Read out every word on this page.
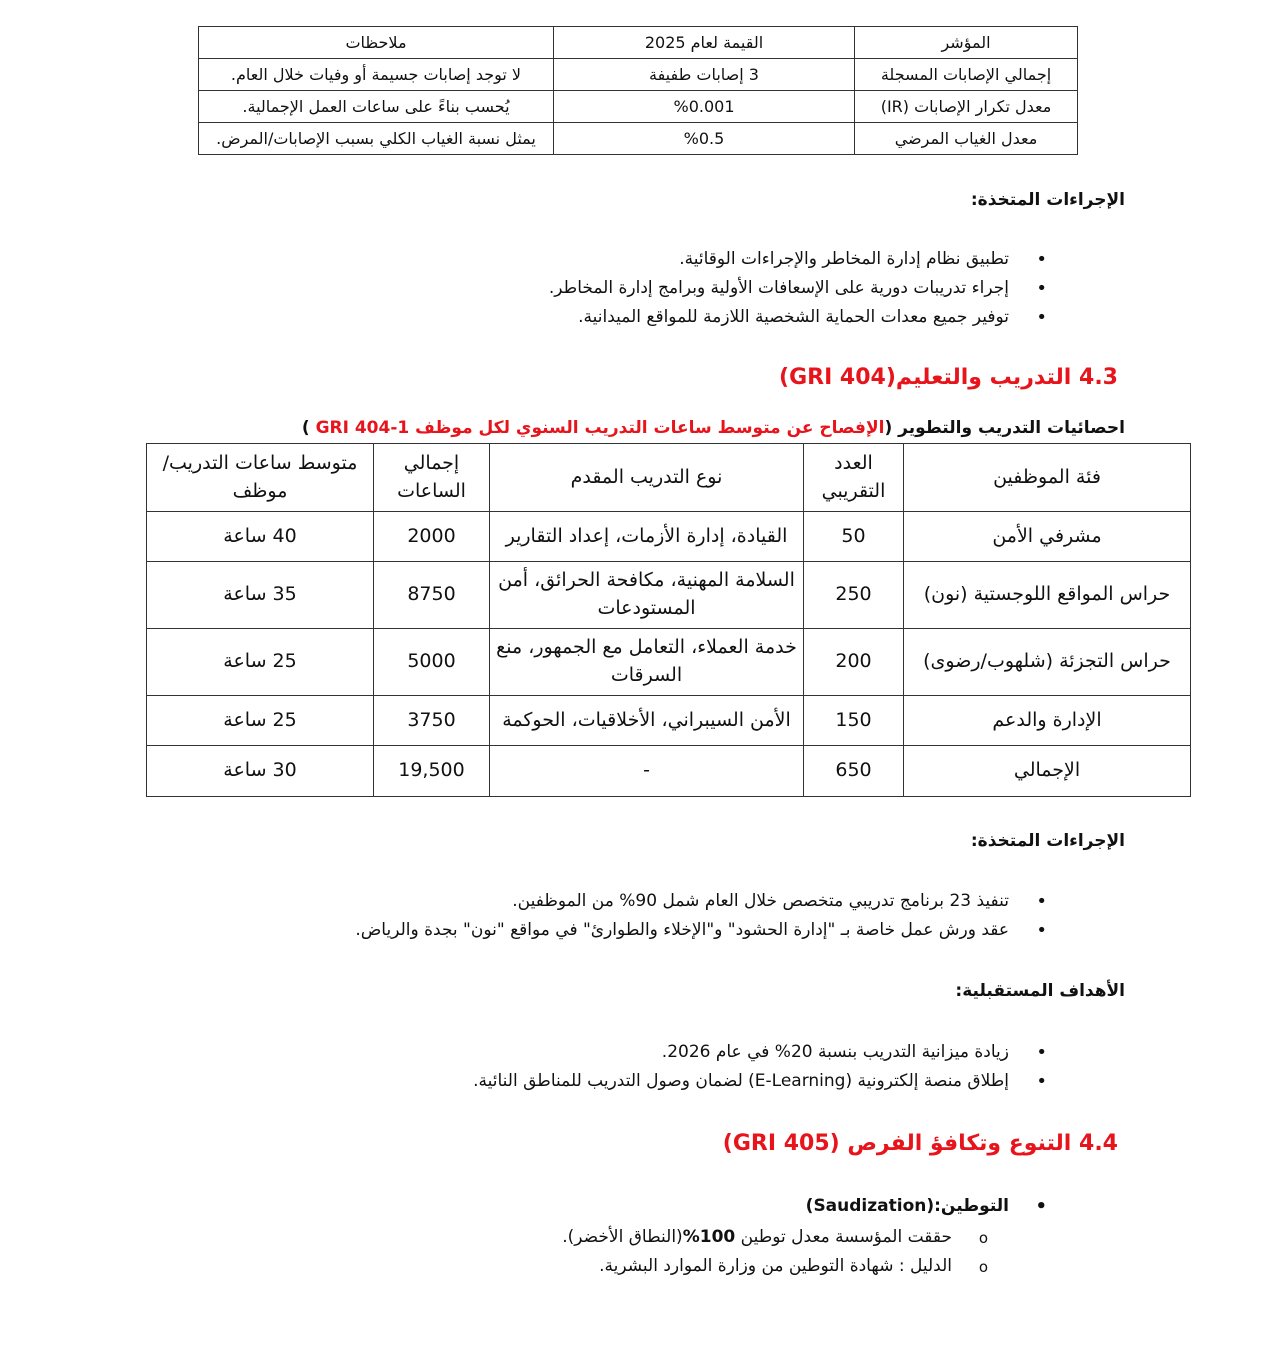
المؤشر	القيمة لعام 2025	ملاحظات
إجمالي الإصابات المسجلة	3 إصابات طفيفة	لا توجد إصابات جسيمة أو وفيات خلال العام.
معدل تكرار الإصابات (IR)	%0.001	يُحسب بناءً على ساعات العمل الإجمالية.
معدل الغياب المرضي	%0.5	يمثل نسبة الغياب الكلي بسبب الإصابات/المرض.
الإجراءات المتخذة:
• تطبيق نظام إدارة المخاطر والإجراءات الوقائية.
• إجراء تدريبات دورية على الإسعافات الأولية وبرامج إدارة المخاطر.
• توفير جميع معدات الحماية الشخصية اللازمة للمواقع الميدانية.
4.3 التدريب والتعليم(GRI 404)
احصائيات التدريب والتطوير (الإفصاح عن متوسط ساعات التدريب السنوي لكل موظف GRI 404-1 )
فئة الموظفين	العدد التقريبي	نوع التدريب المقدم	إجمالي الساعات	متوسط ساعات التدريب/موظف
مشرفي الأمن	50	القيادة، إدارة الأزمات، إعداد التقارير	2000	40 ساعة
حراس المواقع اللوجستية (نون)	250	السلامة المهنية، مكافحة الحرائق، أمن المستودعات	8750	35 ساعة
حراس التجزئة (شلهوب/رضوى)	200	خدمة العملاء، التعامل مع الجمهور، منع السرقات	5000	25 ساعة
الإدارة والدعم	150	الأمن السيبراني، الأخلاقيات، الحوكمة	3750	25 ساعة
الإجمالي	650	-	19,500	30 ساعة
الإجراءات المتخذة:
• تنفيذ 23 برنامج تدريبي متخصص خلال العام شمل 90% من الموظفين.
• عقد ورش عمل خاصة بـ "إدارة الحشود" و"الإخلاء والطوارئ" في مواقع "نون" بجدة والرياض.
الأهداف المستقبلية:
• زيادة ميزانية التدريب بنسبة 20% في عام 2026.
• إطلاق منصة إلكترونية (E-Learning) لضمان وصول التدريب للمناطق النائية.
4.4 التنوع وتكافؤ الفرص (GRI 405)
• التوطين:(Saudization)
o حققت المؤسسة معدل توطين 100%(النطاق الأخضر).
o الدليل : شهادة التوطين من وزارة الموارد البشرية.
